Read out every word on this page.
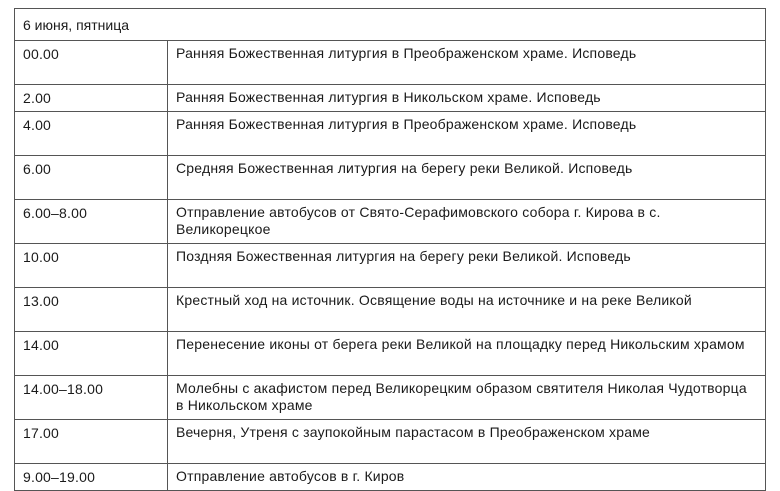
6 июня, пятница
00.00	Ранняя Божественная литургия в Преображенском храме. Исповедь
2.00	Ранняя Божественная литургия в Никольском храме. Исповедь
4.00	Ранняя Божественная литургия в Преображенском храме. Исповедь
6.00	Средняя Божественная литургия на берегу реки Великой. Исповедь
6.00–8.00	Отправление автобусов от Свято-Серафимовского собора г. Кирова в с. Великорецкое
10.00	Поздняя Божественная литургия на берегу реки Великой. Исповедь
13.00	Крестный ход на источник. Освящение воды на источнике и на реке Великой
14.00	Перенесение иконы от берега реки Великой на площадку перед Никольским храмом
14.00–18.00	Молебны с акафистом перед Великорецким образом святителя Николая Чудотворца в Никольском храме
17.00	Вечерня, Утреня с заупокойным парастасом в Преображенском храме
9.00–19.00	Отправление автобусов в г. Киров
